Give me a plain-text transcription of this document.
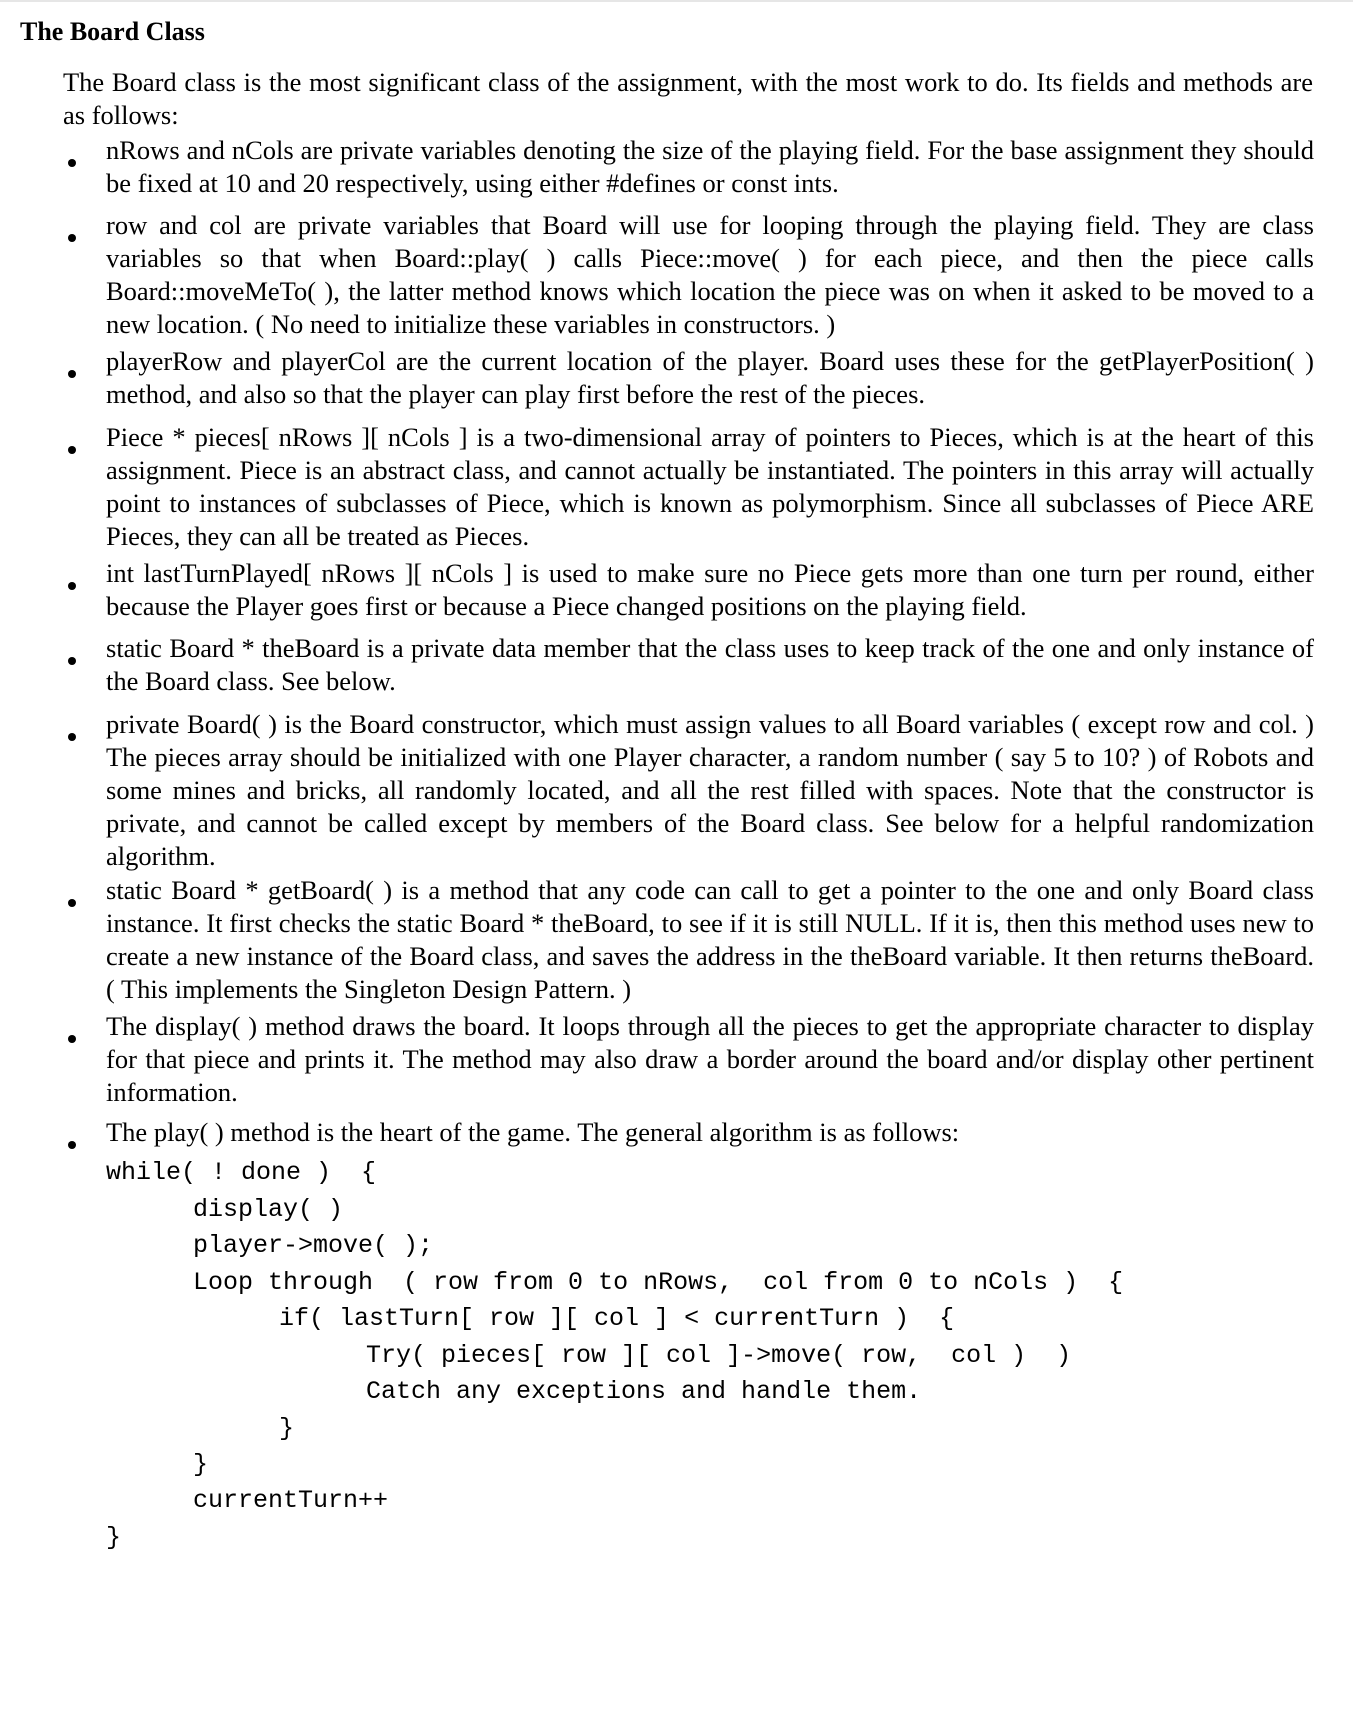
The Board Class
The Board class is the most significant class of the assignment, with the most work to do. Its fields and methods are as follows:
nRows and nCols are private variables denoting the size of the playing field. For the base assignment they should be fixed at 10 and 20 respectively, using either #defines or const ints.
row and col are private variables that Board will use for looping through the playing field. They are class variables so that when Board::play( ) calls Piece::move( ) for each piece, and then the piece calls Board::moveMeTo( ), the latter method knows which location the piece was on when it asked to be moved to a new location. ( No need to initialize these variables in constructors. )
playerRow and playerCol are the current location of the player. Board uses these for the getPlayerPosition( ) method, and also so that the player can play first before the rest of the pieces.
Piece * pieces[ nRows ][ nCols ] is a two-dimensional array of pointers to Pieces, which is at the heart of this assignment. Piece is an abstract class, and cannot actually be instantiated. The pointers in this array will actually point to instances of subclasses of Piece, which is known as polymorphism. Since all subclasses of Piece ARE Pieces, they can all be treated as Pieces.
int lastTurnPlayed[ nRows ][ nCols ] is used to make sure no Piece gets more than one turn per round, either because the Player goes first or because a Piece changed positions on the playing field.
static Board * theBoard is a private data member that the class uses to keep track of the one and only instance of the Board class. See below.
private Board( ) is the Board constructor, which must assign values to all Board variables ( except row and col. ) The pieces array should be initialized with one Player character, a random number ( say 5 to 10? ) of Robots and some mines and bricks, all randomly located, and all the rest filled with spaces. Note that the constructor is private, and cannot be called except by members of the Board class. See below for a helpful randomization algorithm.
static Board * getBoard( ) is a method that any code can call to get a pointer to the one and only Board class instance. It first checks the static Board * theBoard, to see if it is still NULL. If it is, then this method uses new to create a new instance of the Board class, and saves the address in the theBoard variable. It then returns theBoard. ( This implements the Singleton Design Pattern. )
The display( ) method draws the board. It loops through all the pieces to get the appropriate character to display for that piece and prints it. The method may also draw a border around the board and/or display other pertinent information.
The play( ) method is the heart of the game. The general algorithm is as follows:
while( ! done )  {
display( )
player->move( );
Loop through  ( row from 0 to nRows,  col from 0 to nCols )  {
if( lastTurn[ row ][ col ] < currentTurn )  {
Try( pieces[ row ][ col ]->move( row,  col )  )
Catch any exceptions and handle them.
}
}
currentTurn++
}
